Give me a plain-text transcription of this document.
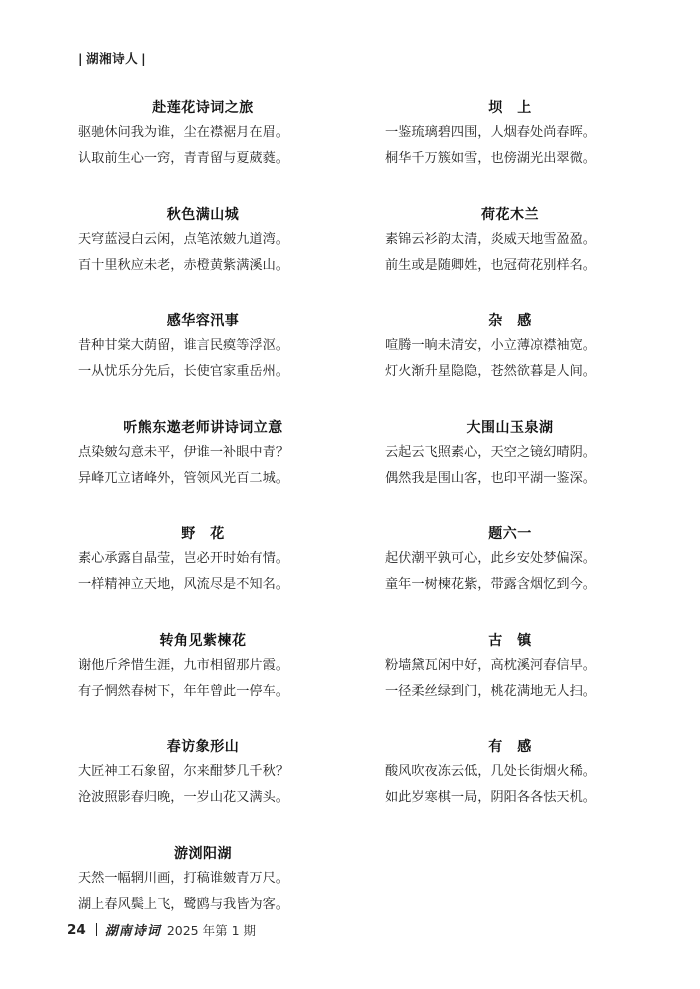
| 湖湘诗人 |
赴莲花诗词之旅
驱驰休问我为谁，尘在襟裾月在眉。
认取前生心一窍，青青留与夏葳蕤。
秋色满山城
天穹蓝浸白云闲，点笔浓皴九道湾。
百十里秋应未老，赤橙黄紫满溪山。
感华容汛事
昔种甘棠大荫留，谁言民瘼等浮沤。
一从忧乐分先后，长使官家重岳州。
听熊东遨老师讲诗词立意
点染皴勾意未平，伊谁一补眼中青？
异峰兀立诸峰外，管领风光百二城。
野　花
素心承露自晶莹，岂必开时始有情。
一样精神立天地，风流尽是不知名。
转角见紫楝花
谢他斤斧惜生涯，九市相留那片霞。
有子惘然春树下，年年曾此一停车。
春访象形山
大匠神工石象留，尔来酣梦几千秋？
沧波照影春归晚，一岁山花又满头。
游浏阳湖
天然一幅辋川画，打稿谁皴青万尺。
湖上春风鬓上飞，鹭鸥与我皆为客。
坝　上
一鉴琉璃碧四围，人烟春处尚春晖。
桐华千万簇如雪，也傍湖光出翠微。
荷花木兰
素锦云衫韵太清，炎威天地雪盈盈。
前生或是随卿姓，也冠荷花别样名。
杂　感
喧腾一晌未清安，小立薄凉襟袖宽。
灯火渐升星隐隐，苍然欲暮是人间。
大围山玉泉湖
云起云飞照素心，天空之镜幻晴阴。
偶然我是围山客，也印平湖一鉴深。
题六一
起伏潮平孰可心，此乡安处梦偏深。
童年一树楝花紫，带露含烟忆到今。
古　镇
粉墙黛瓦闲中好，高枕溪河春信早。
一径柔丝绿到门，桃花满地无人扫。
有　感
酸风吹夜冻云低，几处长街烟火稀。
如此岁寒棋一局，阴阳各各怯天机。
24 湖南诗词 2025 年第 1 期
